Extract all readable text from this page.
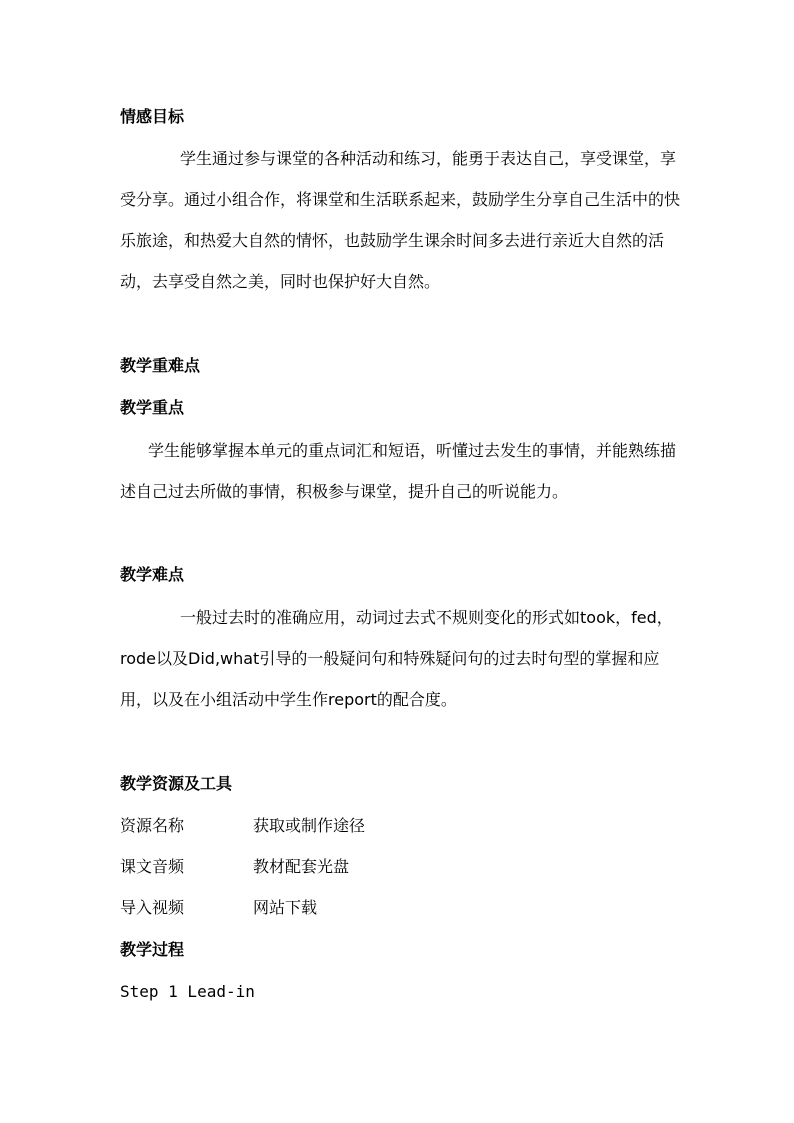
情感目标
学生通过参与课堂的各种活动和练习，能勇于表达自己，享受课堂，享受分享。通过小组合作，将课堂和生活联系起来，鼓励学生分享自己生活中的快乐旅途，和热爱大自然的情怀，也鼓励学生课余时间多去进行亲近大自然的活动，去享受自然之美，同时也保护好大自然。
教学重难点
教学重点
学生能够掌握本单元的重点词汇和短语，听懂过去发生的事情，并能熟练描述自己过去所做的事情，积极参与课堂，提升自己的听说能力。
教学难点
一般过去时的准确应用，动词过去式不规则变化的形式如took，fed，rode以及Did,what引导的一般疑问句和特殊疑问句的过去时句型的掌握和应用，以及在小组活动中学生作report的配合度。
教学资源及工具
资源名称	获取或制作途径
课文音频	教材配套光盘
导入视频	网站下载
教学过程
Step 1 Lead-in
